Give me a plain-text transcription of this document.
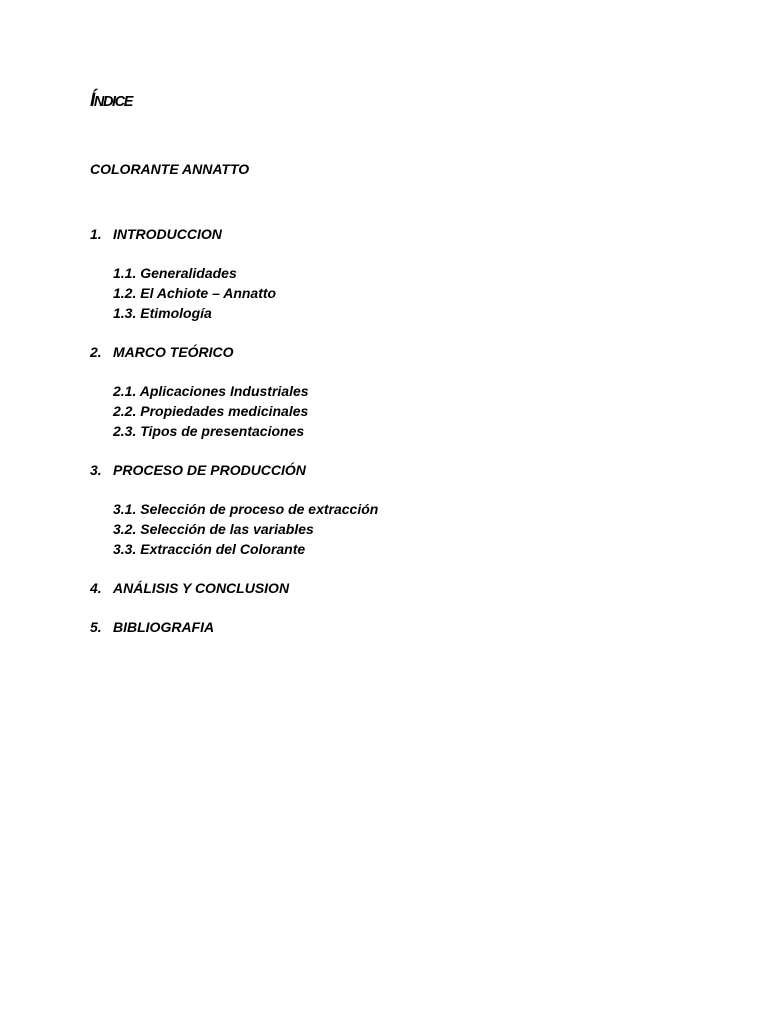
ÍNDICE
COLORANTE ANNATTO
1. INTRODUCCION
1.1. Generalidades
1.2. El Achiote – Annatto
1.3. Etimología
2. MARCO TEÓRICO
2.1. Aplicaciones Industriales
2.2. Propiedades medicinales
2.3. Tipos de presentaciones
3. PROCESO DE PRODUCCIÓN
3.1. Selección de proceso de extracción
3.2. Selección de las variables
3.3. Extracción del Colorante
4. ANÁLISIS Y CONCLUSION
5. BIBLIOGRAFIA
